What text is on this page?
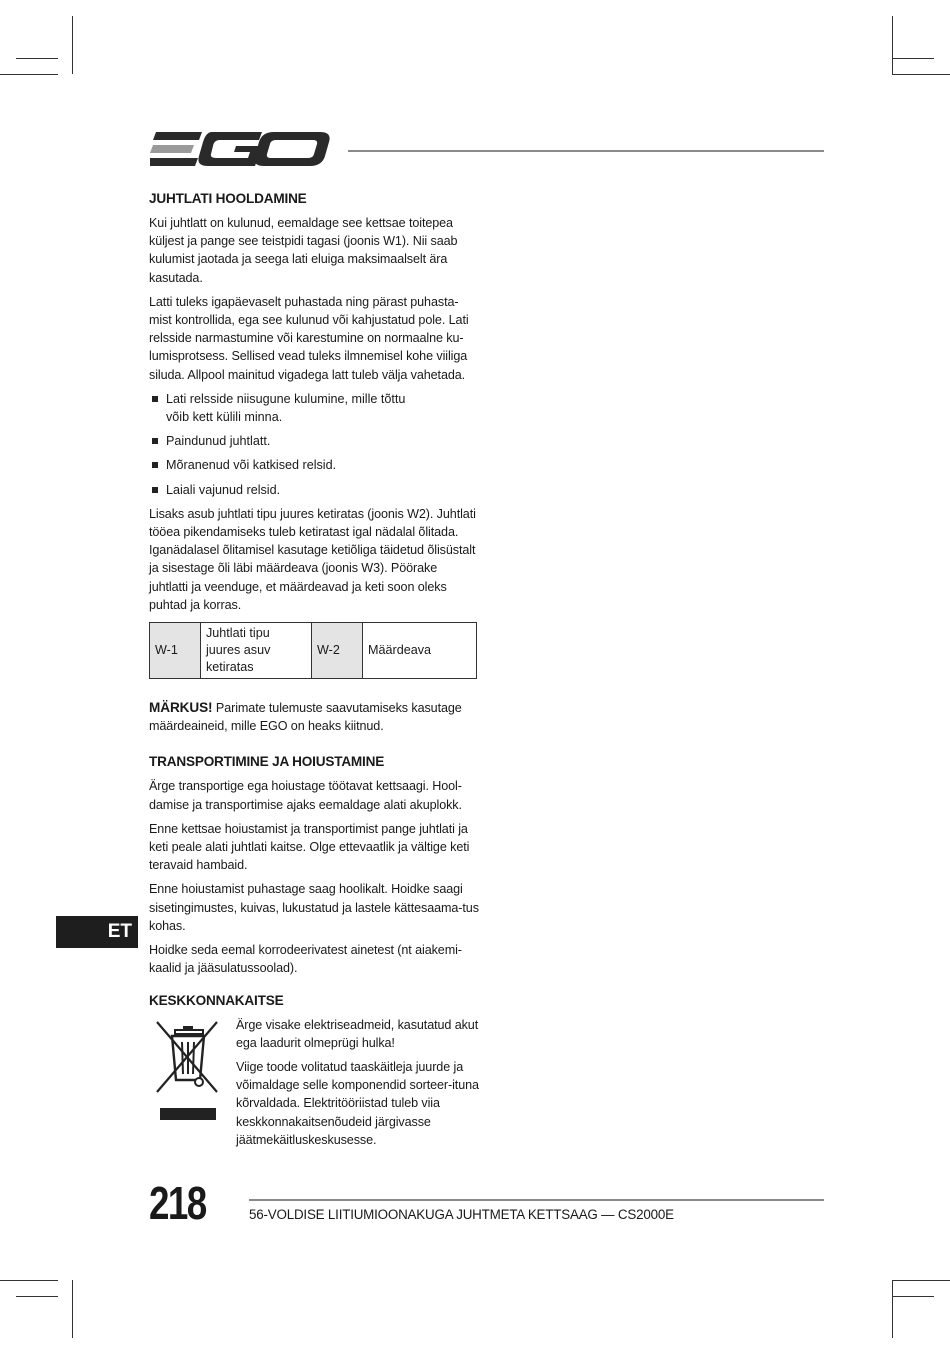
JUHTLATI HOOLDAMINE

Kui juhtlatt on kulunud, eemaldage see kettsae toitepea küljest ja pange see teistpidi tagasi (joonis W1). Nii saab kulumist jaotada ja seega lati eluiga maksimaalselt ära kasutada.

Latti tuleks igapäevaselt puhastada ning pärast puhasta-mist kontrollida, ega see kulunud või kahjustatud pole. Lati relsside narmastumine või karestumine on normaalne ku-lumisprotsess. Sellised vead tuleks ilmnemisel kohe viiliga siluda. Allpool mainitud vigadega latt tuleb välja vahetada.

Lati relsside niisugune kulumine, mille tõttu võib kett külili minna.
Paindunud juhtlatt.
Mõranenud või katkised relsid.
Laiali vajunud relsid.

Lisaks asub juhtlati tipu juures ketiratas (joonis W2). Juhtlati tööea pikendamiseks tuleb ketiratast igal nädalal õlitada. Iganädalasel õlitamisel kasutage ketiõliga täidetud õlisüstalt ja sisestage õli läbi määrdeava (joonis W3). Pöörake juhtlatti ja veenduge, et määrdeavad ja keti soon oleks puhtad ja korras.

W-1	Juhtlati tipu juures asuv ketiratas	W-2	Määrdeava

MÄRKUS! Parimate tulemuste saavutamiseks kasutage määrdeaineid, mille EGO on heaks kiitnud.

TRANSPORTIMINE JA HOIUSTAMINE

Ärge transportige ega hoiustage töötavat kettsaagi. Hool-damise ja transportimise ajaks eemaldage alati akuplokk.

Enne kettsae hoiustamist ja transportimist pange juhtlati ja keti peale alati juhtlati kaitse. Olge ettevaatlik ja vältige keti teravaid hambaid.

Enne hoiustamist puhastage saag hoolikalt. Hoidke saagi sisetingimustes, kuivas, lukustatud ja lastele kättesaama-tus kohas.

Hoidke seda eemal korrodeerivatest ainetest (nt aiakemi-kaalid ja jääsulatussoolad).

KESKKONNAKAITSE

Ärge visake elektriseadmeid, kasutatud akut ega laadurit olmeprügi hulka!

Viige toode volitatud taaskäitleja juurde ja võimaldage selle komponendid sorteer-ituna kõrvaldada. Elektritööriistad tuleb viia keskkonnakaitsenõudeid järgivasse jäätmekäitluskeskusesse.

ET
218	56-VOLDISE LIITIUMIOONAKUGA JUHTMETA KETTSAAG — CS2000E
